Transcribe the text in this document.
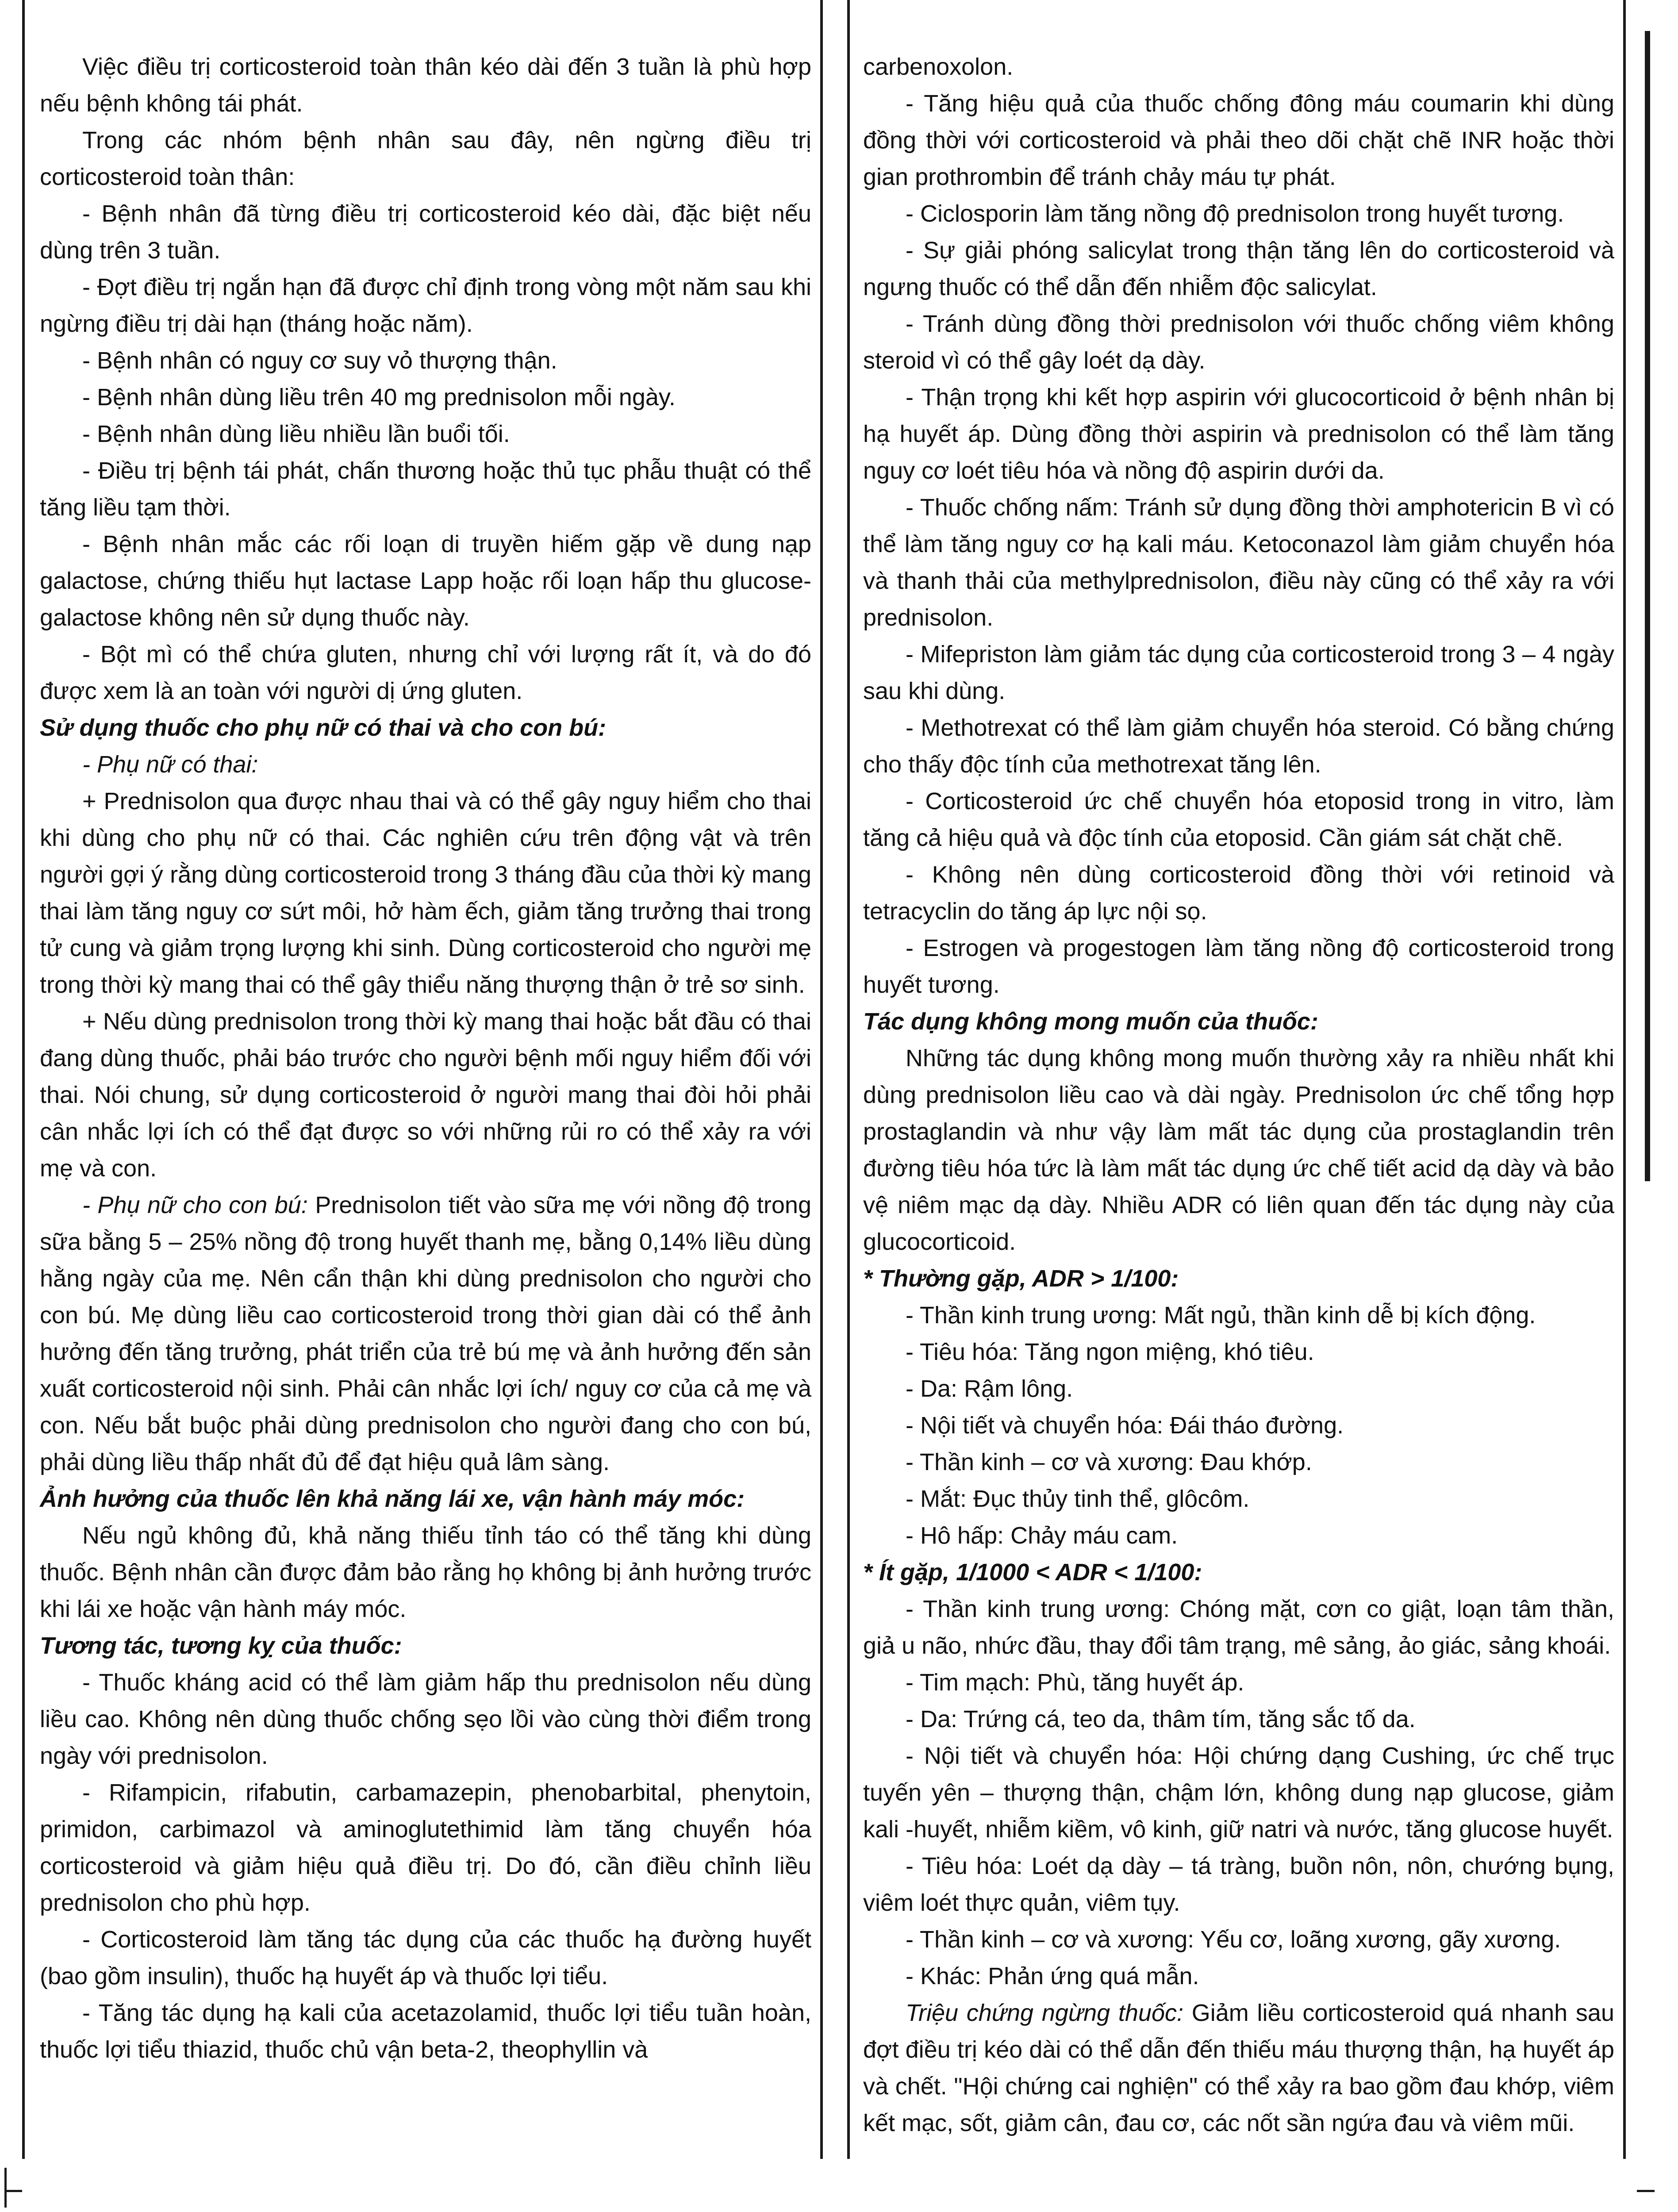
Việc điều trị corticosteroid toàn thân kéo dài đến 3 tuần là phù hợp nếu bệnh không tái phát.

Trong các nhóm bệnh nhân sau đây, nên ngừng điều trị corticosteroid toàn thân:

- Bệnh nhân đã từng điều trị corticosteroid kéo dài, đặc biệt nếu dùng trên 3 tuần.

- Đợt điều trị ngắn hạn đã được chỉ định trong vòng một năm sau khi ngừng điều trị dài hạn (tháng hoặc năm).

- Bệnh nhân có nguy cơ suy vỏ thượng thận.

- Bệnh nhân dùng liều trên 40 mg prednisolon mỗi ngày.

- Bệnh nhân dùng liều nhiều lần buổi tối.

- Điều trị bệnh tái phát, chấn thương hoặc thủ tục phẫu thuật có thể tăng liều tạm thời.

- Bệnh nhân mắc các rối loạn di truyền hiếm gặp về dung nạp galactose, chứng thiếu hụt lactase Lapp hoặc rối loạn hấp thu glucose-galactose không nên sử dụng thuốc này.

- Bột mì có thể chứa gluten, nhưng chỉ với lượng rất ít, và do đó được xem là an toàn với người dị ứng gluten.

Sử dụng thuốc cho phụ nữ có thai và cho con bú:

- Phụ nữ có thai:

+ Prednisolon qua được nhau thai và có thể gây nguy hiểm cho thai khi dùng cho phụ nữ có thai. Các nghiên cứu trên động vật và trên người gợi ý rằng dùng corticosteroid trong 3 tháng đầu của thời kỳ mang thai làm tăng nguy cơ sứt môi, hở hàm ếch, giảm tăng trưởng thai trong tử cung và giảm trọng lượng khi sinh. Dùng corticosteroid cho người mẹ trong thời kỳ mang thai có thể gây thiểu năng thượng thận ở trẻ sơ sinh.

+ Nếu dùng prednisolon trong thời kỳ mang thai hoặc bắt đầu có thai đang dùng thuốc, phải báo trước cho người bệnh mối nguy hiểm đối với thai. Nói chung, sử dụng corticosteroid ở người mang thai đòi hỏi phải cân nhắc lợi ích có thể đạt được so với những rủi ro có thể xảy ra với mẹ và con.

- Phụ nữ cho con bú: Prednisolon tiết vào sữa mẹ với nồng độ trong sữa bằng 5 – 25% nồng độ trong huyết thanh mẹ, bằng 0,14% liều dùng hằng ngày của mẹ. Nên cẩn thận khi dùng prednisolon cho người cho con bú. Mẹ dùng liều cao corticosteroid trong thời gian dài có thể ảnh hưởng đến tăng trưởng, phát triển của trẻ bú mẹ và ảnh hưởng đến sản xuất corticosteroid nội sinh. Phải cân nhắc lợi ích/ nguy cơ của cả mẹ và con. Nếu bắt buộc phải dùng prednisolon cho người đang cho con bú, phải dùng liều thấp nhất đủ để đạt hiệu quả lâm sàng.

Ảnh hưởng của thuốc lên khả năng lái xe, vận hành máy móc:

Nếu ngủ không đủ, khả năng thiếu tỉnh táo có thể tăng khi dùng thuốc. Bệnh nhân cần được đảm bảo rằng họ không bị ảnh hưởng trước khi lái xe hoặc vận hành máy móc.

Tương tác, tương kỵ của thuốc:

- Thuốc kháng acid có thể làm giảm hấp thu prednisolon nếu dùng liều cao. Không nên dùng thuốc chống sẹo lồi vào cùng thời điểm trong ngày với prednisolon.

- Rifampicin, rifabutin, carbamazepin, phenobarbital, phenytoin, primidon, carbimazol và aminoglutethimid làm tăng chuyển hóa corticosteroid và giảm hiệu quả điều trị. Do đó, cần điều chỉnh liều prednisolon cho phù hợp.

- Corticosteroid làm tăng tác dụng của các thuốc hạ đường huyết (bao gồm insulin), thuốc hạ huyết áp và thuốc lợi tiểu.

- Tăng tác dụng hạ kali của acetazolamid, thuốc lợi tiểu tuần hoàn, thuốc lợi tiểu thiazid, thuốc chủ vận beta-2, theophyllin và

carbenoxolon.

- Tăng hiệu quả của thuốc chống đông máu coumarin khi dùng đồng thời với corticosteroid và phải theo dõi chặt chẽ INR hoặc thời gian prothrombin để tránh chảy máu tự phát.

- Ciclosporin làm tăng nồng độ prednisolon trong huyết tương.

- Sự giải phóng salicylat trong thận tăng lên do corticosteroid và ngưng thuốc có thể dẫn đến nhiễm độc salicylat.

- Tránh dùng đồng thời prednisolon với thuốc chống viêm không steroid vì có thể gây loét dạ dày.

- Thận trọng khi kết hợp aspirin với glucocorticoid ở bệnh nhân bị hạ huyết áp. Dùng đồng thời aspirin và prednisolon có thể làm tăng nguy cơ loét tiêu hóa và nồng độ aspirin dưới da.

- Thuốc chống nấm: Tránh sử dụng đồng thời amphotericin B vì có thể làm tăng nguy cơ hạ kali máu. Ketoconazol làm giảm chuyển hóa và thanh thải của methylprednisolon, điều này cũng có thể xảy ra với prednisolon.

- Mifepriston làm giảm tác dụng của corticosteroid trong 3 – 4 ngày sau khi dùng.

- Methotrexat có thể làm giảm chuyển hóa steroid. Có bằng chứng cho thấy độc tính của methotrexat tăng lên.

- Corticosteroid ức chế chuyển hóa etoposid trong in vitro, làm tăng cả hiệu quả và độc tính của etoposid. Cần giám sát chặt chẽ.

- Không nên dùng corticosteroid đồng thời với retinoid và tetracyclin do tăng áp lực nội sọ.

- Estrogen và progestogen làm tăng nồng độ corticosteroid trong huyết tương.

Tác dụng không mong muốn của thuốc:

Những tác dụng không mong muốn thường xảy ra nhiều nhất khi dùng prednisolon liều cao và dài ngày. Prednisolon ức chế tổng hợp prostaglandin và như vậy làm mất tác dụng của prostaglandin trên đường tiêu hóa tức là làm mất tác dụng ức chế tiết acid dạ dày và bảo vệ niêm mạc dạ dày. Nhiều ADR có liên quan đến tác dụng này của glucocorticoid.

* Thường gặp, ADR > 1/100:

- Thần kinh trung ương: Mất ngủ, thần kinh dễ bị kích động.

- Tiêu hóa: Tăng ngon miệng, khó tiêu.

- Da: Rậm lông.

- Nội tiết và chuyển hóa: Đái tháo đường.

- Thần kinh – cơ và xương: Đau khớp.

- Mắt: Đục thủy tinh thể, glôcôm.

- Hô hấp: Chảy máu cam.

* Ít gặp, 1/1000 < ADR < 1/100:

- Thần kinh trung ương: Chóng mặt, cơn co giật, loạn tâm thần, giả u não, nhức đầu, thay đổi tâm trạng, mê sảng, ảo giác, sảng khoái.

- Tim mạch: Phù, tăng huyết áp.

- Da: Trứng cá, teo da, thâm tím, tăng sắc tố da.

- Nội tiết và chuyển hóa: Hội chứng dạng Cushing, ức chế trục tuyến yên – thượng thận, chậm lớn, không dung nạp glucose, giảm kali -huyết, nhiễm kiềm, vô kinh, giữ natri và nước, tăng glucose huyết.

- Tiêu hóa: Loét dạ dày – tá tràng, buồn nôn, nôn, chướng bụng, viêm loét thực quản, viêm tụy.

- Thần kinh – cơ và xương: Yếu cơ, loãng xương, gãy xương.

- Khác: Phản ứng quá mẫn.

Triệu chứng ngừng thuốc: Giảm liều corticosteroid quá nhanh sau đợt điều trị kéo dài có thể dẫn đến thiếu máu thượng thận, hạ huyết áp và chết. "Hội chứng cai nghiện" có thể xảy ra bao gồm đau khớp, viêm kết mạc, sốt, giảm cân, đau cơ, các nốt sần ngứa đau và viêm mũi.
